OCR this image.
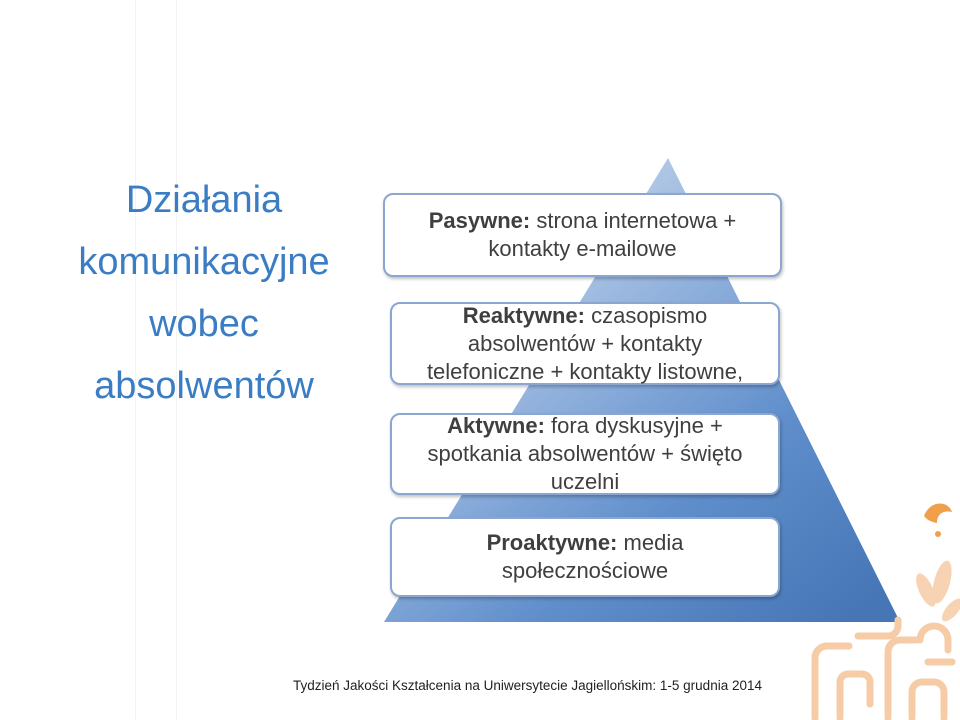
Działania
komunikacyjne
wobec
absolwentów
Pasywne: strona internetowa +
kontakty e-mailowe
Reaktywne: czasopismo
absolwentów + kontakty
telefoniczne + kontakty listowne,
Aktywne: fora dyskusyjne +
spotkania absolwentów + święto
uczelni
Proaktywne: media
społecznościowe
Tydzień Jakości Kształcenia na Uniwersytecie Jagiellońskim: 1-5 grudnia 2014
